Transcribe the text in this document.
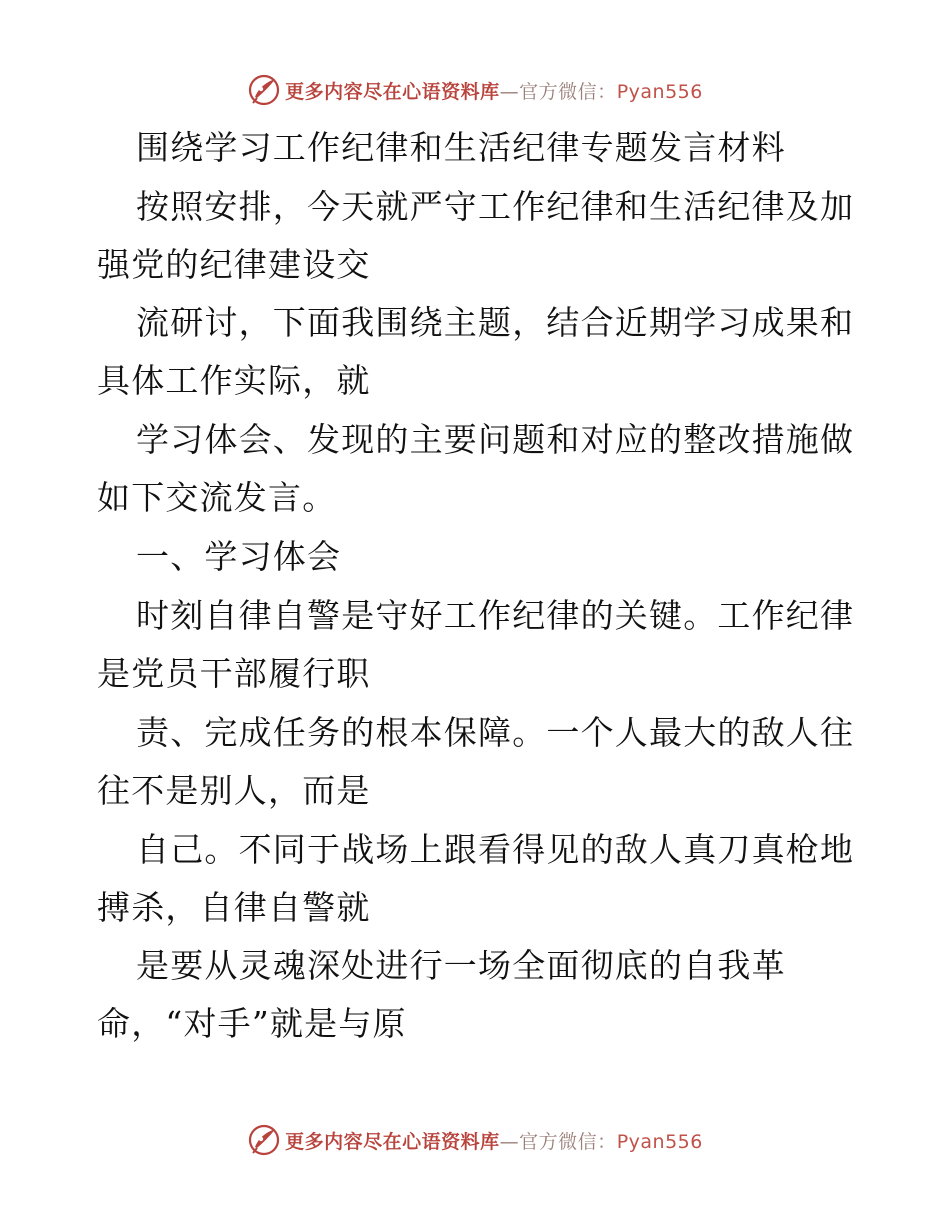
更多内容尽在心语资料库—官方微信：Pyan556
围绕学习工作纪律和生活纪律专题发言材料
按照安排，今天就严守工作纪律和生活纪律及加
强党的纪律建设交
流研讨，下面我围绕主题，结合近期学习成果和
具体工作实际，就
学习体会、发现的主要问题和对应的整改措施做
如下交流发言。
一、学习体会
时刻自律自警是守好工作纪律的关键。工作纪律
是党员干部履行职
责、完成任务的根本保障。一个人最大的敌人往
往不是别人，而是
自己。不同于战场上跟看得见的敌人真刀真枪地
搏杀，自律自警就
是要从灵魂深处进行一场全面彻底的自我革
命，“对手”就是与原
更多内容尽在心语资料库—官方微信：Pyan556
